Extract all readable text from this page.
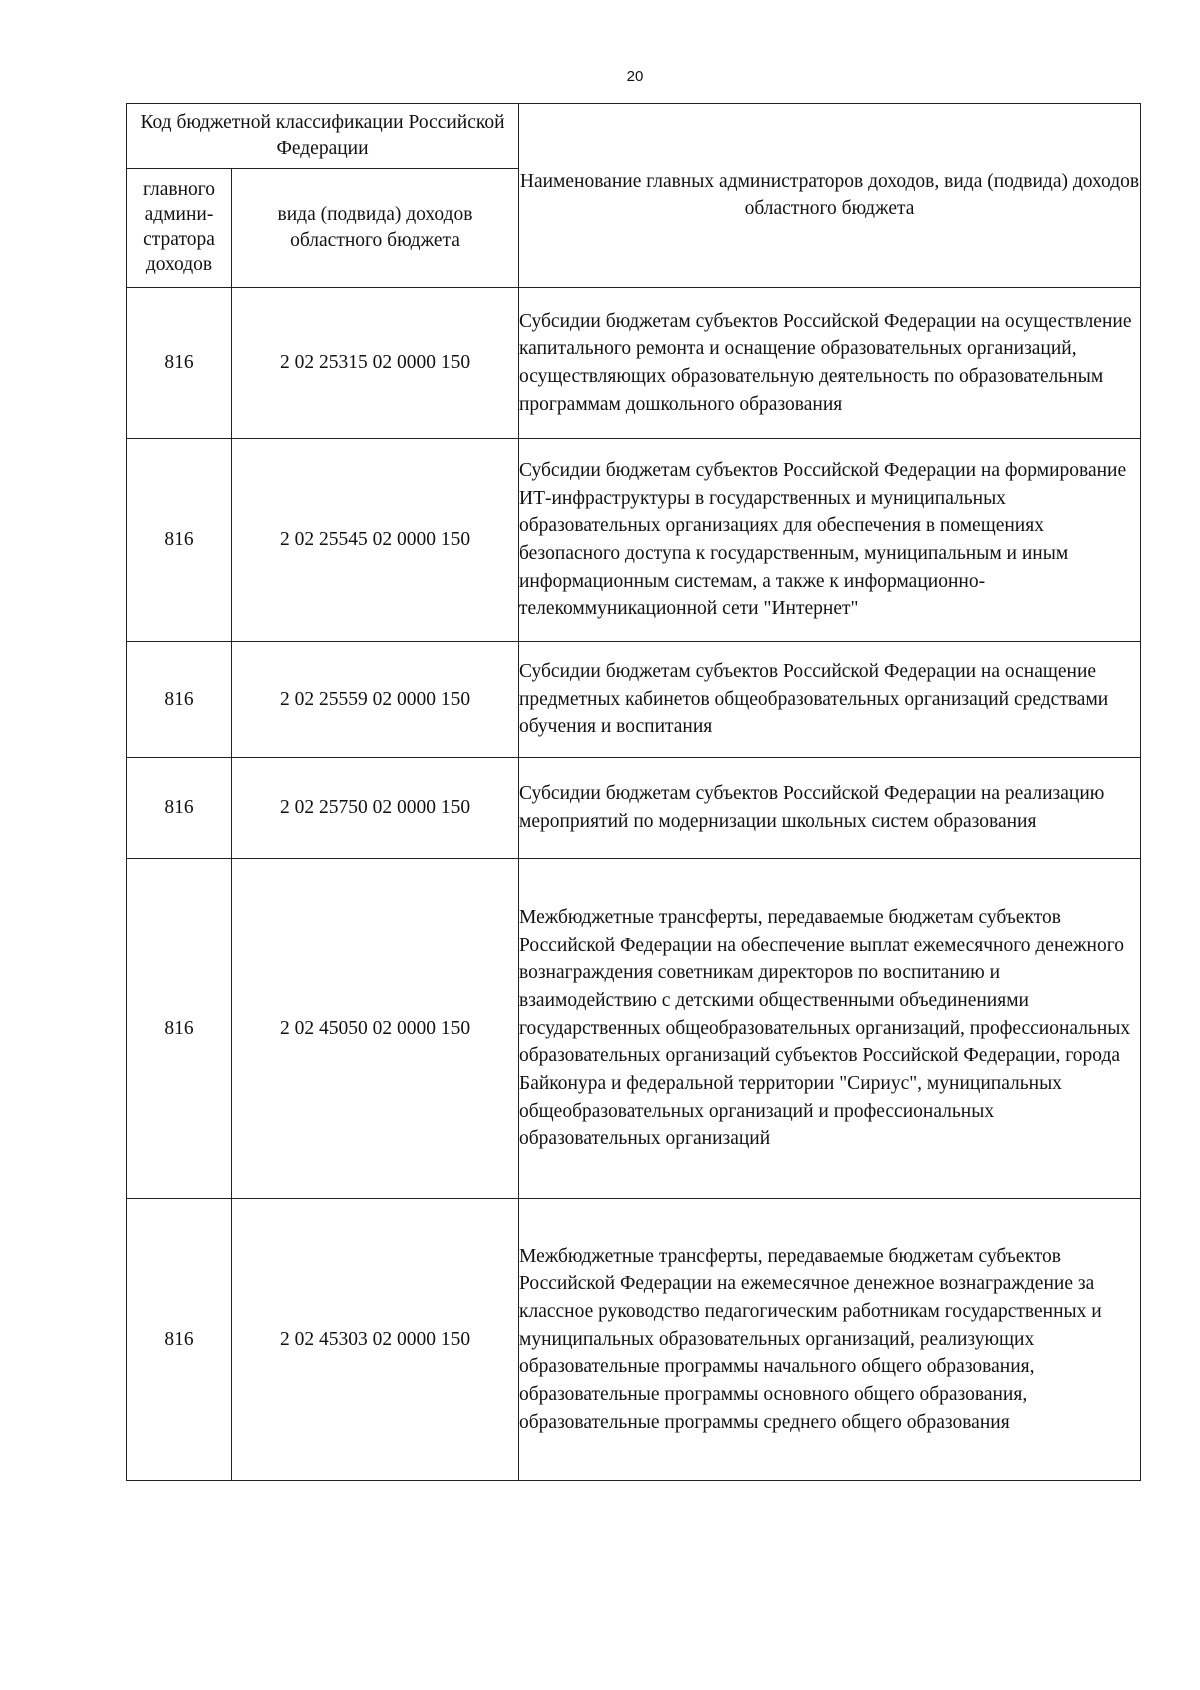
20
Код бюджетной классификации Российской Федерации		Наименование главных администраторов доходов, вида (подвида) доходов областного бюджета
главного админи-стратора доходов	вида (подвида) доходов областного бюджета	
816	2 02 25315 02 0000 150	Субсидии бюджетам субъектов Российской Федерации на осуществление капитального ремонта и оснащение образовательных организаций, осуществляющих образовательную деятельность по образовательным программам дошкольного образования
816	2 02 25545 02 0000 150	Субсидии бюджетам субъектов Российской Федерации на формирование ИТ-инфраструктуры в государственных и муниципальных образовательных организациях для обеспечения в помещениях безопасного доступа к государственным, муниципальным и иным информационным системам, а также к информационно-телекоммуникационной сети "Интернет"
816	2 02 25559 02 0000 150	Субсидии бюджетам субъектов Российской Федерации на оснащение предметных кабинетов общеобразовательных организаций средствами обучения и воспитания
816	2 02 25750 02 0000 150	Субсидии бюджетам субъектов Российской Федерации на реализацию мероприятий по модернизации школьных систем образования
816	2 02 45050 02 0000 150	Межбюджетные трансферты, передаваемые бюджетам субъектов Российской Федерации на обеспечение выплат ежемесячного денежного вознаграждения советникам директоров по воспитанию и взаимодействию с детскими общественными объединениями государственных общеобразовательных организаций, профессиональных образовательных организаций субъектов Российской Федерации, города Байконура и федеральной территории "Сириус", муниципальных общеобразовательных организаций и профессиональных образовательных организаций
816	2 02 45303 02 0000 150	Межбюджетные трансферты, передаваемые бюджетам субъектов Российской Федерации на ежемесячное денежное вознаграждение за классное руководство педагогическим работникам государственных и муниципальных образовательных организаций, реализующих образовательные программы начального общего образования, образовательные программы основного общего образования, образовательные программы среднего общего образования
